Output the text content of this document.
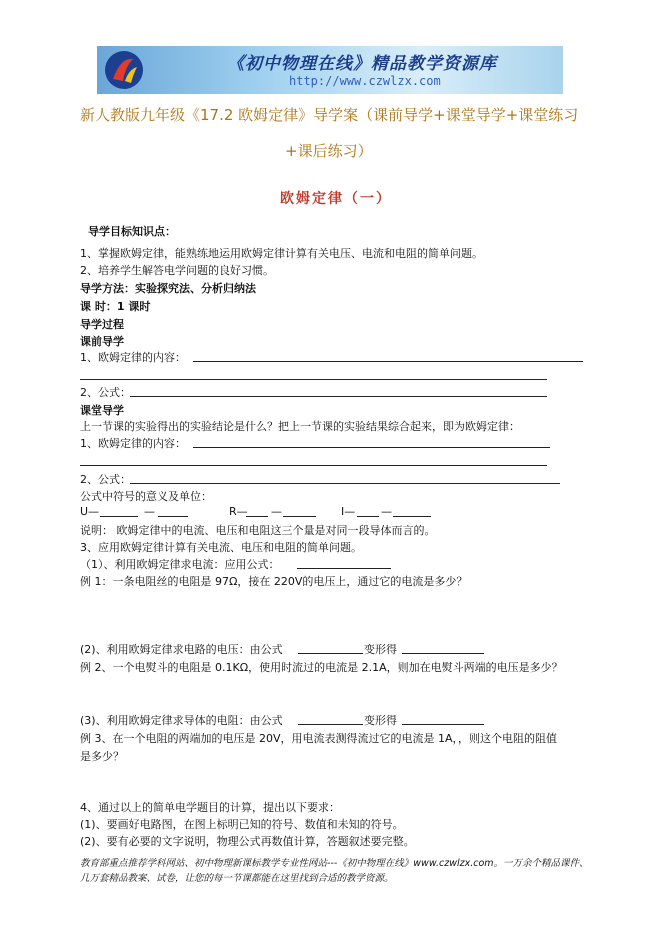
《初中物理在线》精品教学资源库
http://www.czwlzx.com
新人教版九年级《17.2 欧姆定律》导学案（课前导学+课堂导学+课堂练习
+课后练习）
欧姆定律（一）
导学目标知识点：
1、掌握欧姆定律，能熟练地运用欧姆定律计算有关电压、电流和电阻的简单问题。
2、培养学生解答电学问题的良好习惯。
导学方法：实验探究法、分析归纳法
课 时：1 课时
导学过程
课前导学
1、欧姆定律的内容：
2、公式：
课堂导学
上一节课的实验得出的实验结论是什么？把上一节课的实验结果综合起来，即为欧姆定律：
1、欧姆定律的内容：
2、公式：
公式中符号的意义及单位：
U—	—	R— —	I— —
说明： 欧姆定律中的电流、电压和电阻这三个量是对同一段导体而言的。
3、应用欧姆定律计算有关电流、电压和电阻的简单问题。
（1）、利用欧姆定律求电流：应用公式：
例 1：一条电阻丝的电阻是 97Ω，接在 220V的电压上，通过它的电流是多少？
(2)、利用欧姆定律求电路的电压：由公式	变形得
例 2、一个电熨斗的电阻是 0.1KΩ，使用时流过的电流是 2.1A，则加在电熨斗两端的电压是多少？
(3)、利用欧姆定律求导体的电阻：由公式	变形得
例 3、在一个电阻的两端加的电压是 20V，用电流表测得流过它的电流是 1A，，则这个电阻的阻值
是多少？
4、通过以上的简单电学题目的计算，提出以下要求：
(1)、要画好电路图，在图上标明已知的符号、数值和未知的符号。
(2)、要有必要的文字说明，物理公式再数值计算，答题叙述要完整。
教育部重点推荐学科网站、初中物理新课标教学专业性网站---《初中物理在线》www.czwlzx.com。一万余个精品课件、
几万套精品教案、试卷，让您的每一节课都能在这里找到合适的教学资源。
